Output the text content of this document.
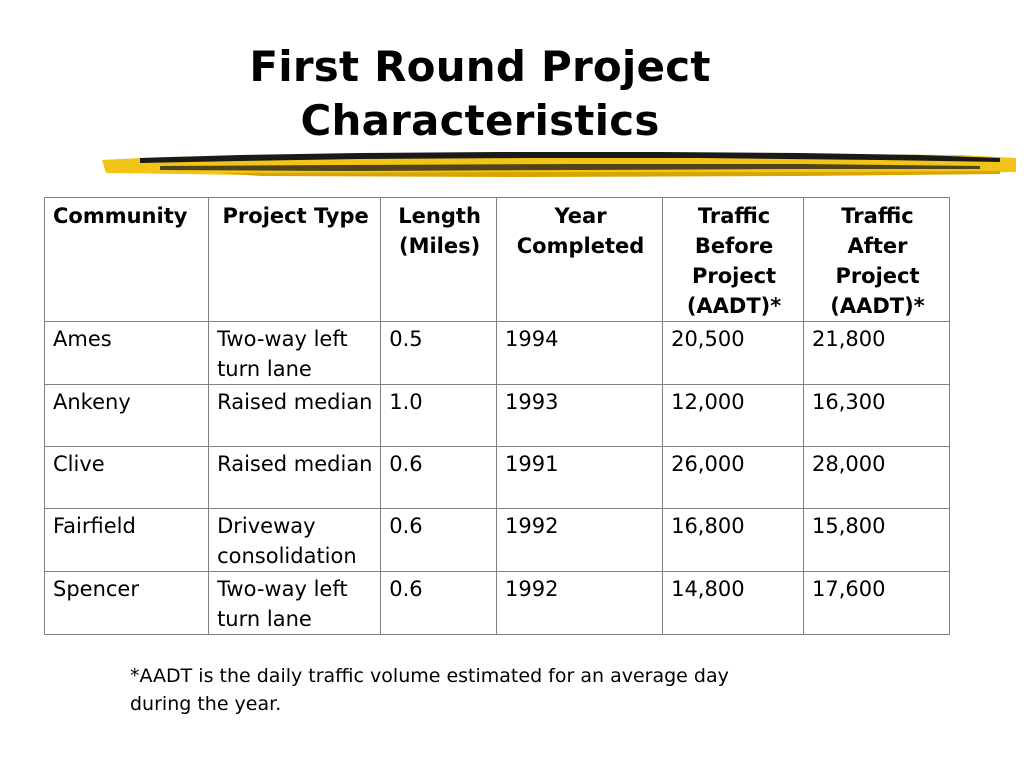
First Round Project
Characteristics
Community	Project Type	Length (Miles)	Year Completed	Traffic Before Project (AADT)*	Traffic After Project (AADT)*
Ames	Two-way left turn lane	0.5	1994	20,500	21,800
Ankeny	Raised median	1.0	1993	12,000	16,300
Clive	Raised median	0.6	1991	26,000	28,000
Fairfield	Driveway consolidation	0.6	1992	16,800	15,800
Spencer	Two-way left turn lane	0.6	1992	14,800	17,600
*AADT is the daily traffic volume estimated for an average day during the year.
